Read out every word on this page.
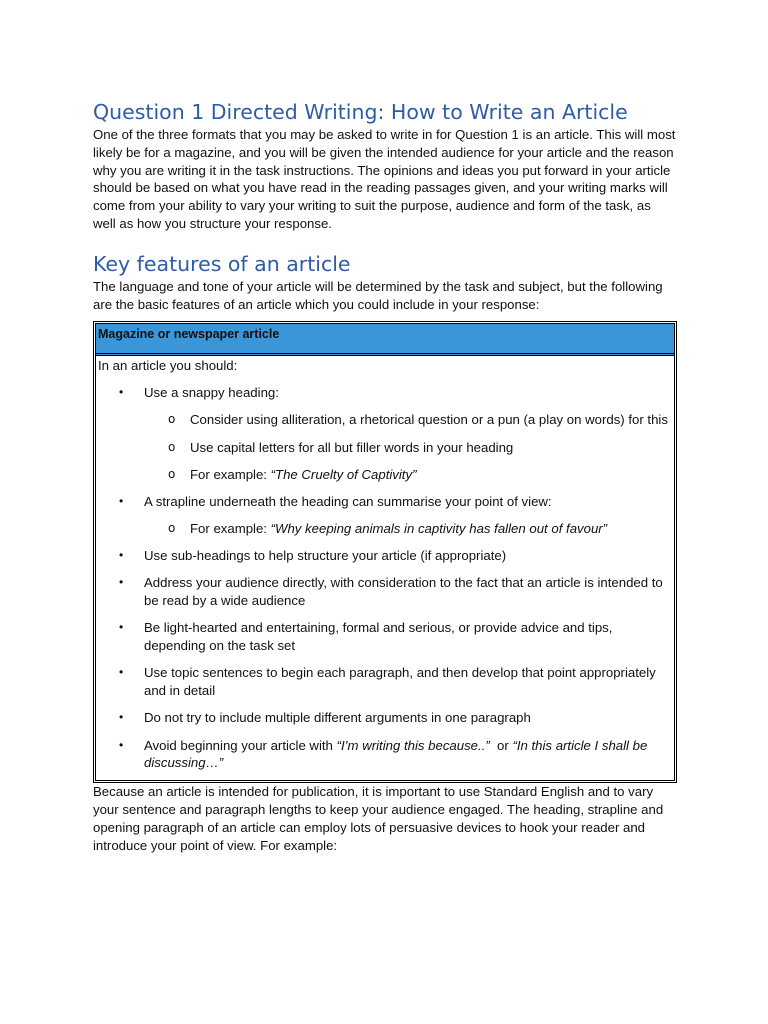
Question 1 Directed Writing: How to Write an Article

One of the three formats that you may be asked to write in for Question 1 is an article. This will most likely be for a magazine, and you will be given the intended audience for your article and the reason why you are writing it in the task instructions. The opinions and ideas you put forward in your article should be based on what you have read in the reading passages given, and your writing marks will come from your ability to vary your writing to suit the purpose, audience and form of the task, as well as how you structure your response.

Key features of an article

The language and tone of your article will be determined by the task and subject, but the following are the basic features of an article which you could include in your response:

Magazine or newspaper article
In an article you should:
• Use a snappy heading:
o Consider using alliteration, a rhetorical question or a pun (a play on words) for this
o Use capital letters for all but filler words in your heading
o For example: “The Cruelty of Captivity”
• A strapline underneath the heading can summarise your point of view:
o For example: “Why keeping animals in captivity has fallen out of favour”
• Use sub-headings to help structure your article (if appropriate)
• Address your audience directly, with consideration to the fact that an article is intended to be read by a wide audience
• Be light-hearted and entertaining, formal and serious, or provide advice and tips, depending on the task set
• Use topic sentences to begin each paragraph, and then develop that point appropriately and in detail
• Do not try to include multiple different arguments in one paragraph
• Avoid beginning your article with “I’m writing this because..”  or “In this article I shall be discussing…”

Because an article is intended for publication, it is important to use Standard English and to vary your sentence and paragraph lengths to keep your audience engaged. The heading, strapline and opening paragraph of an article can employ lots of persuasive devices to hook your reader and introduce your point of view. For example:
